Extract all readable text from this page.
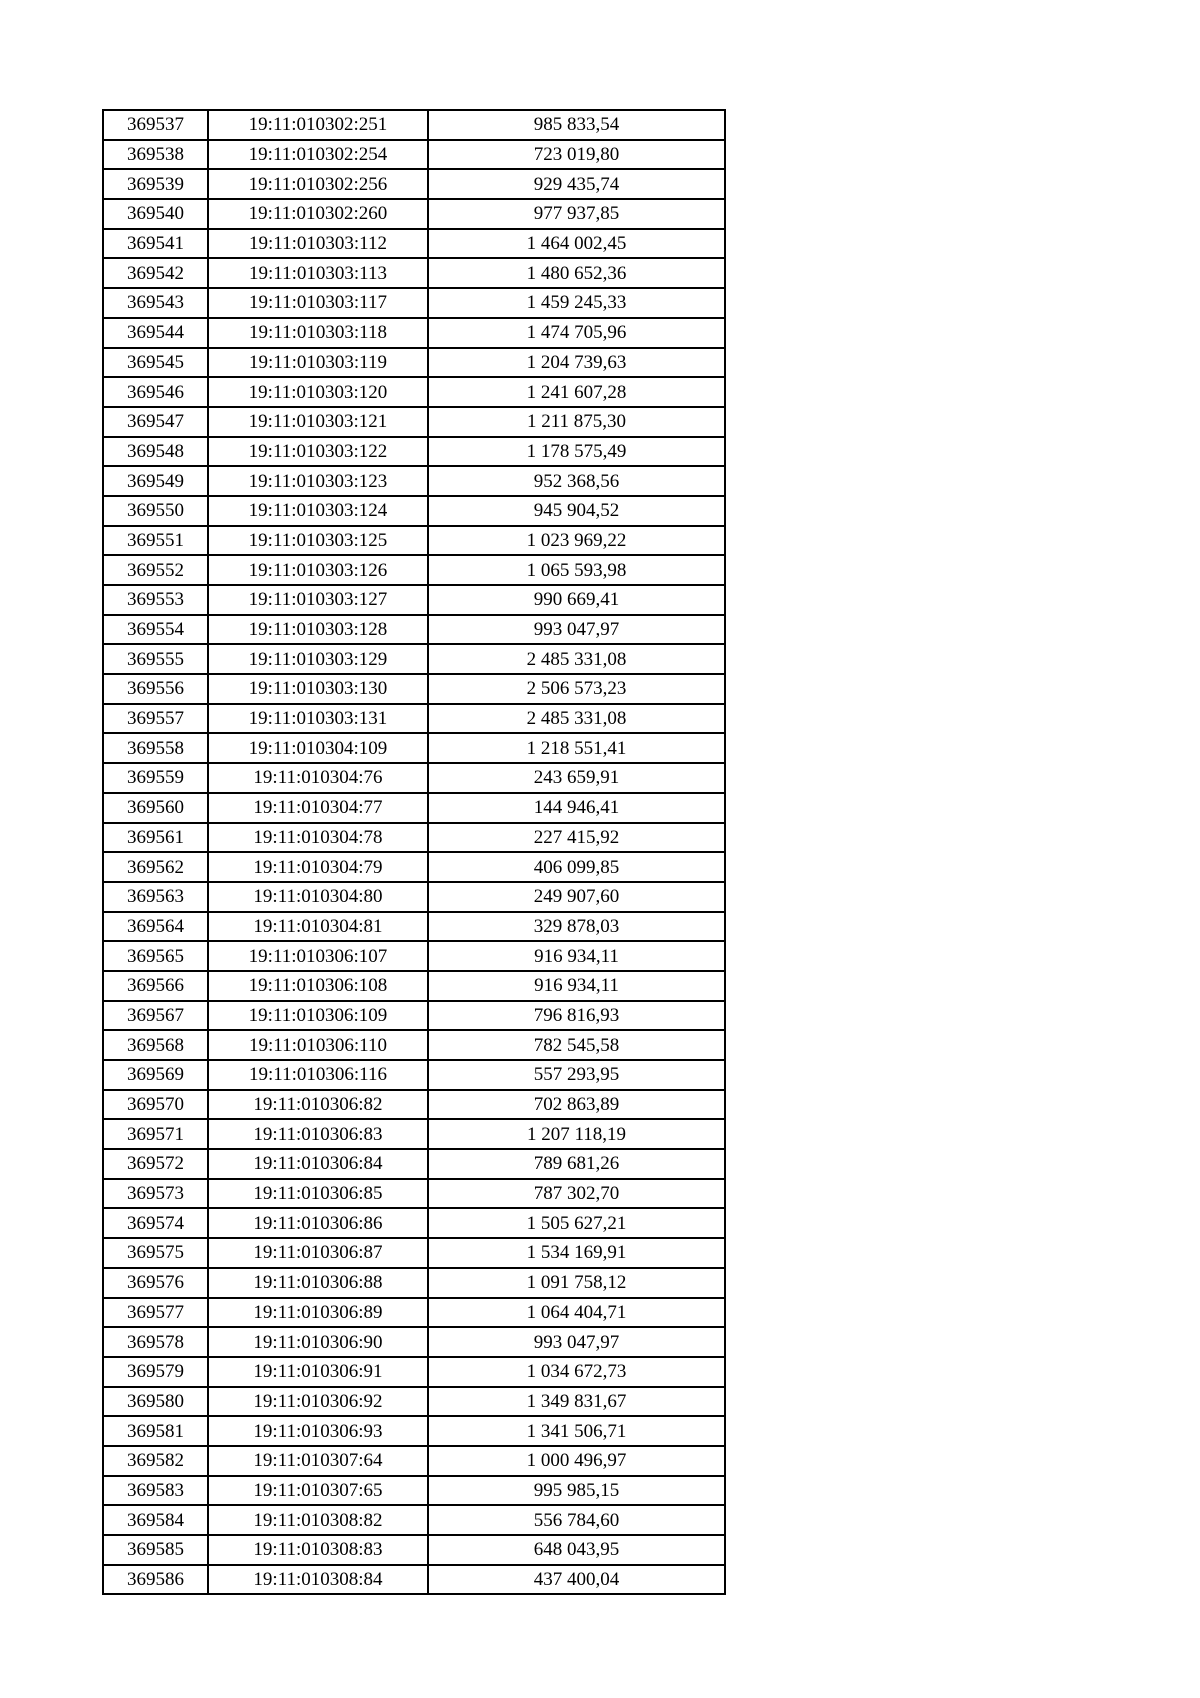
369537	19:11:010302:251	985 833,54
369538	19:11:010302:254	723 019,80
369539	19:11:010302:256	929 435,74
369540	19:11:010302:260	977 937,85
369541	19:11:010303:112	1 464 002,45
369542	19:11:010303:113	1 480 652,36
369543	19:11:010303:117	1 459 245,33
369544	19:11:010303:118	1 474 705,96
369545	19:11:010303:119	1 204 739,63
369546	19:11:010303:120	1 241 607,28
369547	19:11:010303:121	1 211 875,30
369548	19:11:010303:122	1 178 575,49
369549	19:11:010303:123	952 368,56
369550	19:11:010303:124	945 904,52
369551	19:11:010303:125	1 023 969,22
369552	19:11:010303:126	1 065 593,98
369553	19:11:010303:127	990 669,41
369554	19:11:010303:128	993 047,97
369555	19:11:010303:129	2 485 331,08
369556	19:11:010303:130	2 506 573,23
369557	19:11:010303:131	2 485 331,08
369558	19:11:010304:109	1 218 551,41
369559	19:11:010304:76	243 659,91
369560	19:11:010304:77	144 946,41
369561	19:11:010304:78	227 415,92
369562	19:11:010304:79	406 099,85
369563	19:11:010304:80	249 907,60
369564	19:11:010304:81	329 878,03
369565	19:11:010306:107	916 934,11
369566	19:11:010306:108	916 934,11
369567	19:11:010306:109	796 816,93
369568	19:11:010306:110	782 545,58
369569	19:11:010306:116	557 293,95
369570	19:11:010306:82	702 863,89
369571	19:11:010306:83	1 207 118,19
369572	19:11:010306:84	789 681,26
369573	19:11:010306:85	787 302,70
369574	19:11:010306:86	1 505 627,21
369575	19:11:010306:87	1 534 169,91
369576	19:11:010306:88	1 091 758,12
369577	19:11:010306:89	1 064 404,71
369578	19:11:010306:90	993 047,97
369579	19:11:010306:91	1 034 672,73
369580	19:11:010306:92	1 349 831,67
369581	19:11:010306:93	1 341 506,71
369582	19:11:010307:64	1 000 496,97
369583	19:11:010307:65	995 985,15
369584	19:11:010308:82	556 784,60
369585	19:11:010308:83	648 043,95
369586	19:11:010308:84	437 400,04
